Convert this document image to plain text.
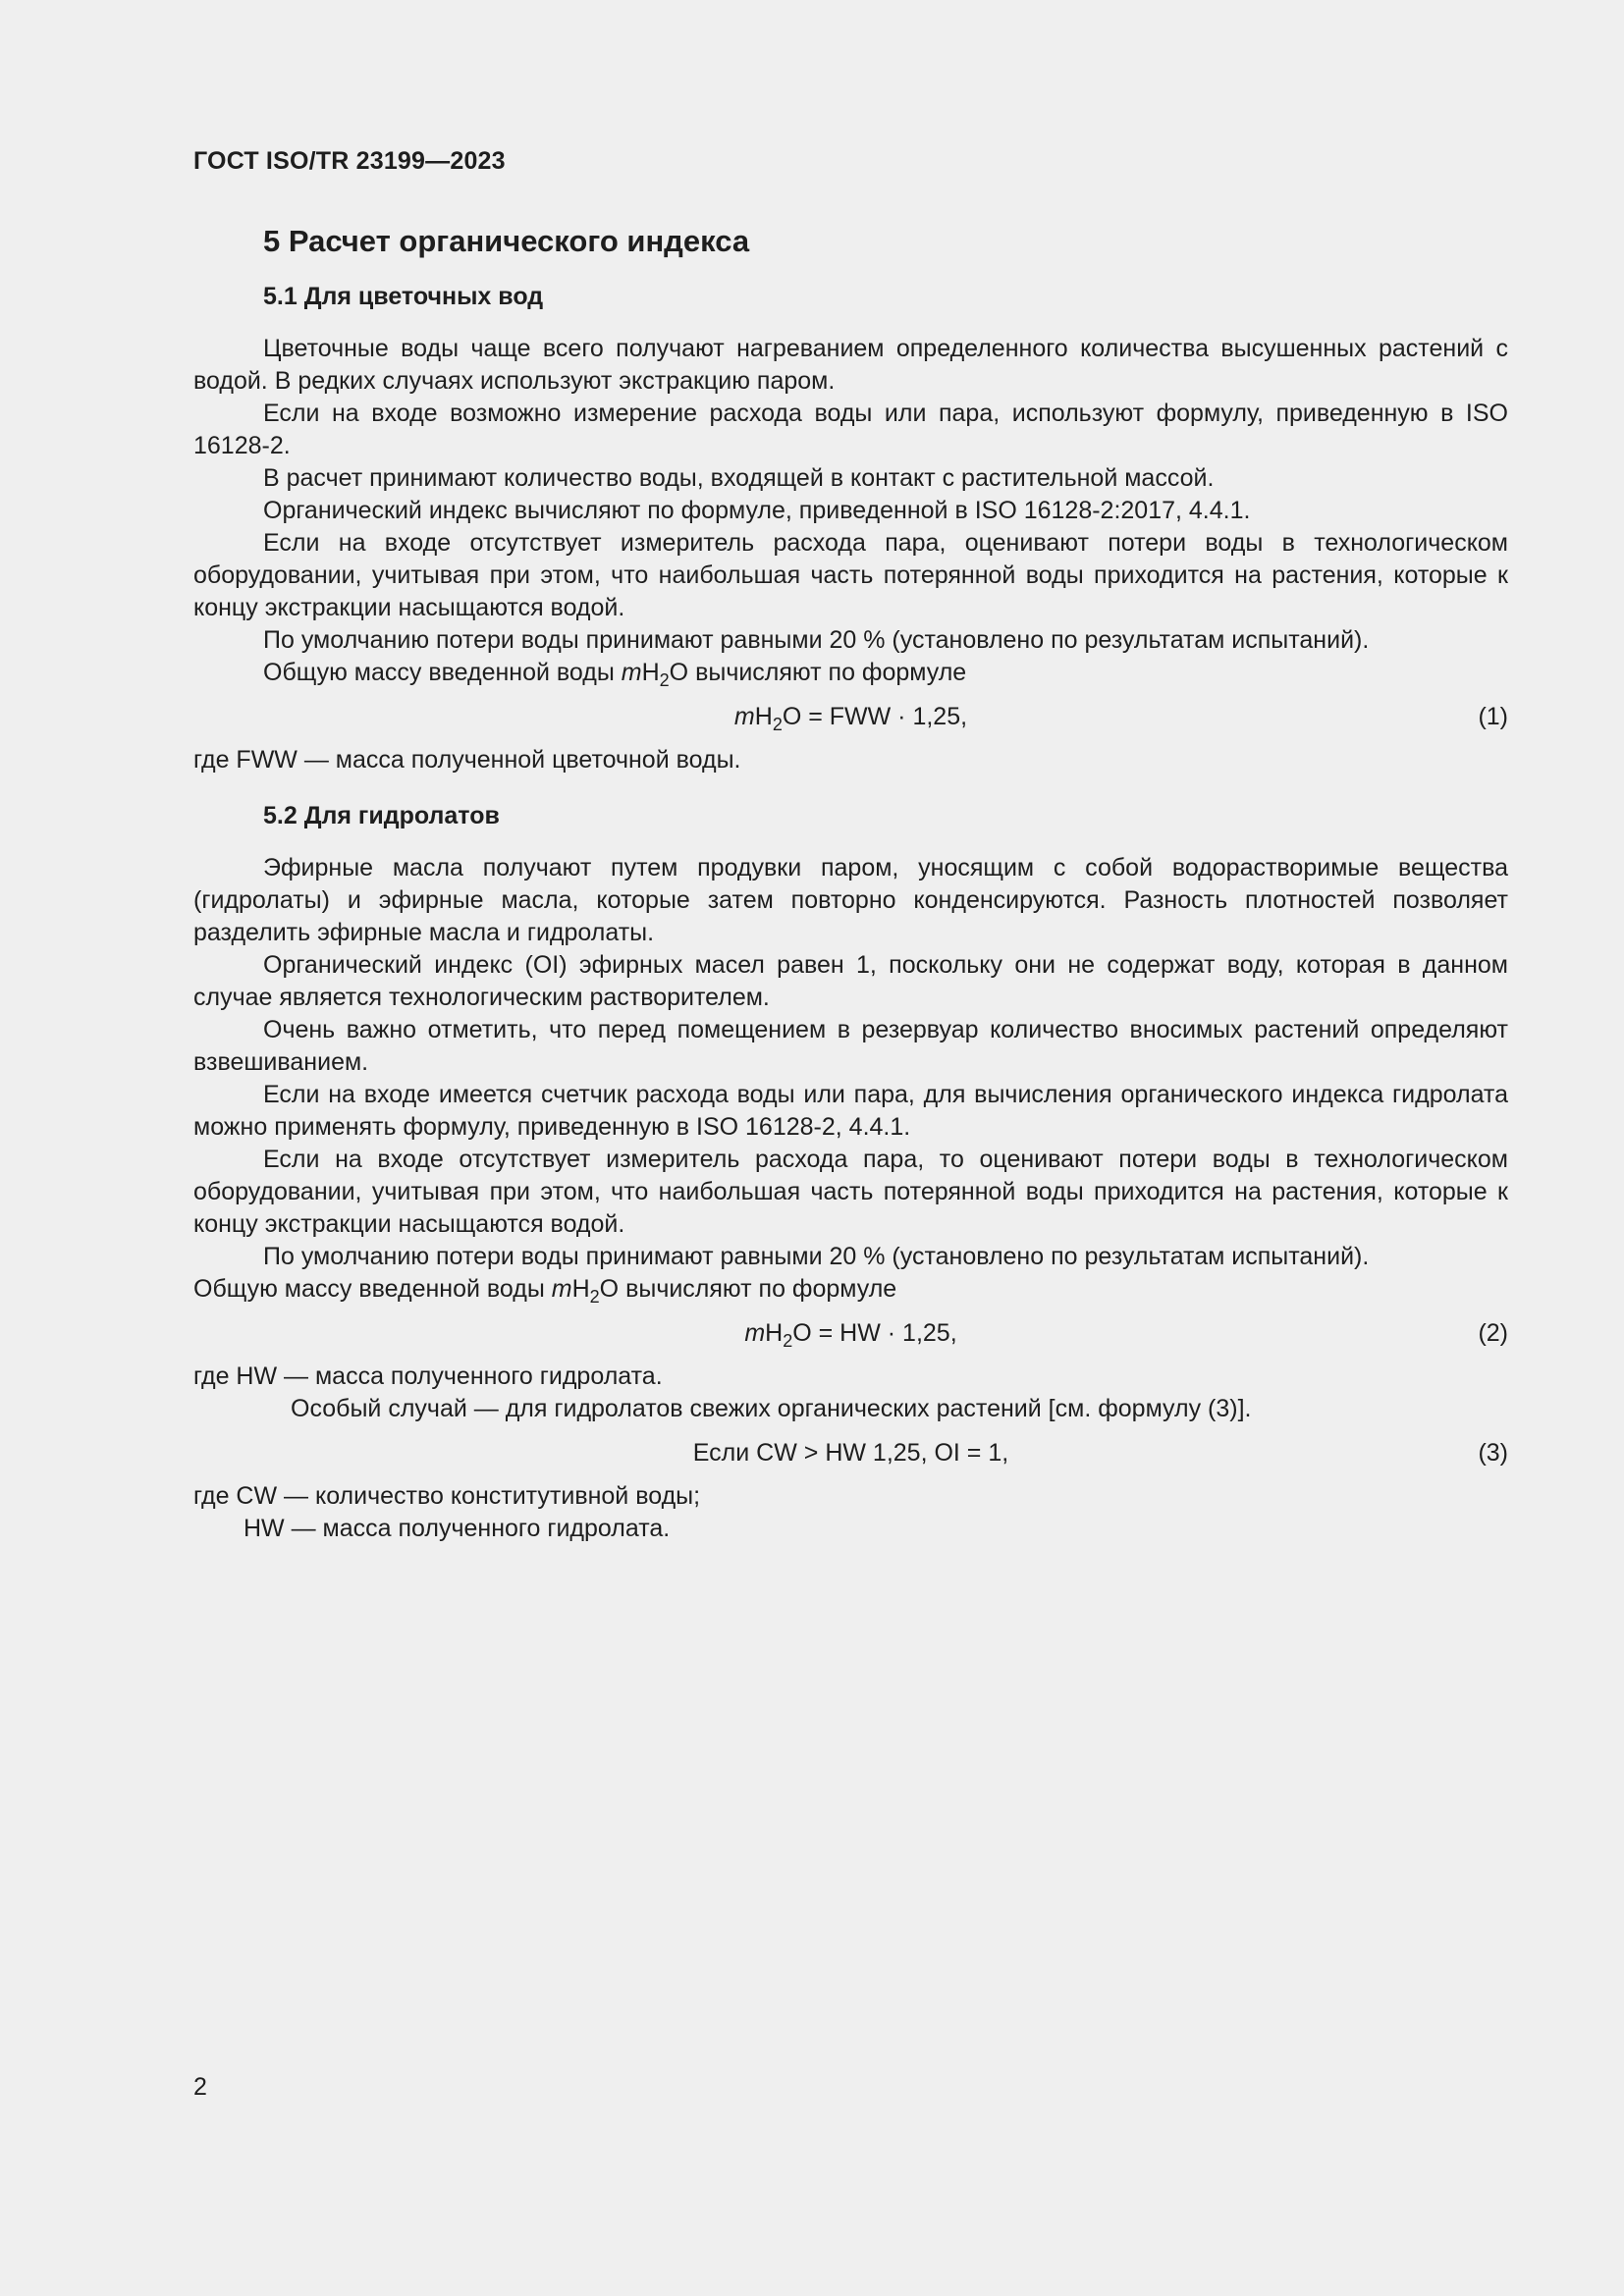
ГОСТ ISO/TR 23199—2023
5 Расчет органического индекса
5.1 Для цветочных вод

Цветочные воды чаще всего получают нагреванием определенного количества высушенных растений с водой. В редких случаях используют экстракцию паром.

Если на входе возможно измерение расхода воды или пара, используют формулу, приведенную в ISO 16128-2.

В расчет принимают количество воды, входящей в контакт с растительной массой.

Органический индекс вычисляют по формуле, приведенной в ISO 16128-2:2017, 4.4.1.

Если на входе отсутствует измеритель расхода пара, оценивают потери воды в технологическом оборудовании, учитывая при этом, что наибольшая часть потерянной воды приходится на растения, которые к концу экстракции насыщаются водой.

По умолчанию потери воды принимают равными 20 % (установлено по результатам испытаний).

Общую массу введенной воды $mH_2O$ вычисляют по формуле

$mH_2O$ = FWW · 1,25,	(1)

где FWW — масса полученной цветочной воды.

5.2 Для гидролатов

Эфирные масла получают путем продувки паром, уносящим с собой водорастворимые вещества (гидролаты) и эфирные масла, которые затем повторно конденсируются. Разность плотностей позволяет разделить эфирные масла и гидролаты.

Органический индекс (OI) эфирных масел равен 1, поскольку они не содержат воду, которая в данном случае является технологическим растворителем.

Очень важно отметить, что перед помещением в резервуар количество вносимых растений определяют взвешиванием.

Если на входе имеется счетчик расхода воды или пара, для вычисления органического индекса гидролата можно применять формулу, приведенную в ISO 16128-2, 4.4.1.

Если на входе отсутствует измеритель расхода пара, то оценивают потери воды в технологическом оборудовании, учитывая при этом, что наибольшая часть потерянной воды приходится на растения, которые к концу экстракции насыщаются водой.

По умолчанию потери воды принимают равными 20 % (установлено по результатам испытаний).

Общую массу введенной воды $mH_2O$ вычисляют по формуле

$mH_2O$ = HW · 1,25,	(2)

где HW — масса полученного гидролата.

Особый случай — для гидролатов свежих органических растений [см. формулу (3)].

Если CW > HW 1,25, OI = 1,	(3)

где CW — количество конститутивной воды;

HW — масса полученного гидролата.

2
